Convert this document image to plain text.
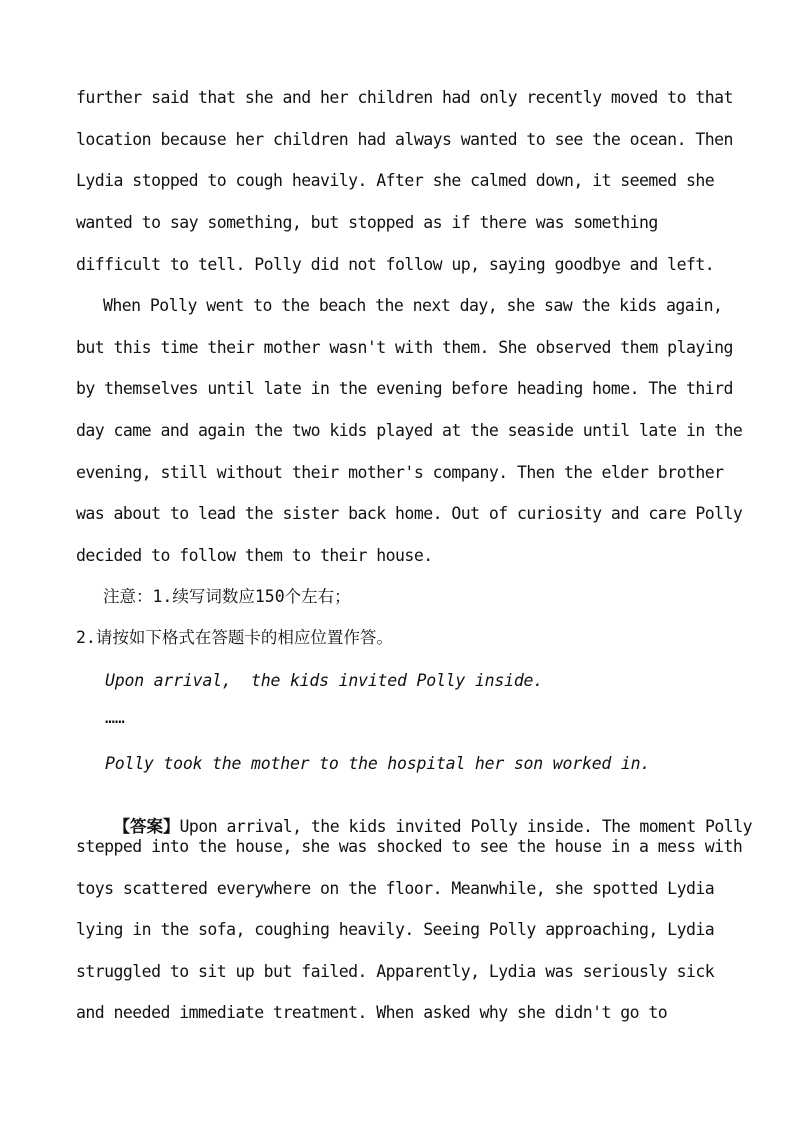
further said that she and her children had only recently moved to that
location because her children had always wanted to see the ocean. Then
Lydia stopped to cough heavily. After she calmed down, it seemed she
wanted to say something, but stopped as if there was something
difficult to tell. Polly did not follow up, saying goodbye and left.
When Polly went to the beach the next day, she saw the kids again,
but this time their mother wasn't with them. She observed them playing
by themselves until late in the evening before heading home. The third
day came and again the two kids played at the seaside until late in the
evening, still without their mother's company. Then the elder brother
was about to lead the sister back home. Out of curiosity and care Polly
decided to follow them to their house.
注意：1.续写词数应150个左右；
2.请按如下格式在答题卡的相应位置作答。
Upon arrival,  the kids invited Polly inside.
……
Polly took the mother to the hospital her son worked in.

【答案】Upon arrival, the kids invited Polly inside. The moment Polly

stepped into the house, she was shocked to see the house in a mess with
toys scattered everywhere on the floor. Meanwhile, she spotted Lydia
lying in the sofa, coughing heavily. Seeing Polly approaching, Lydia
struggled to sit up but failed. Apparently, Lydia was seriously sick
and needed immediate treatment. When asked why she didn't go to
